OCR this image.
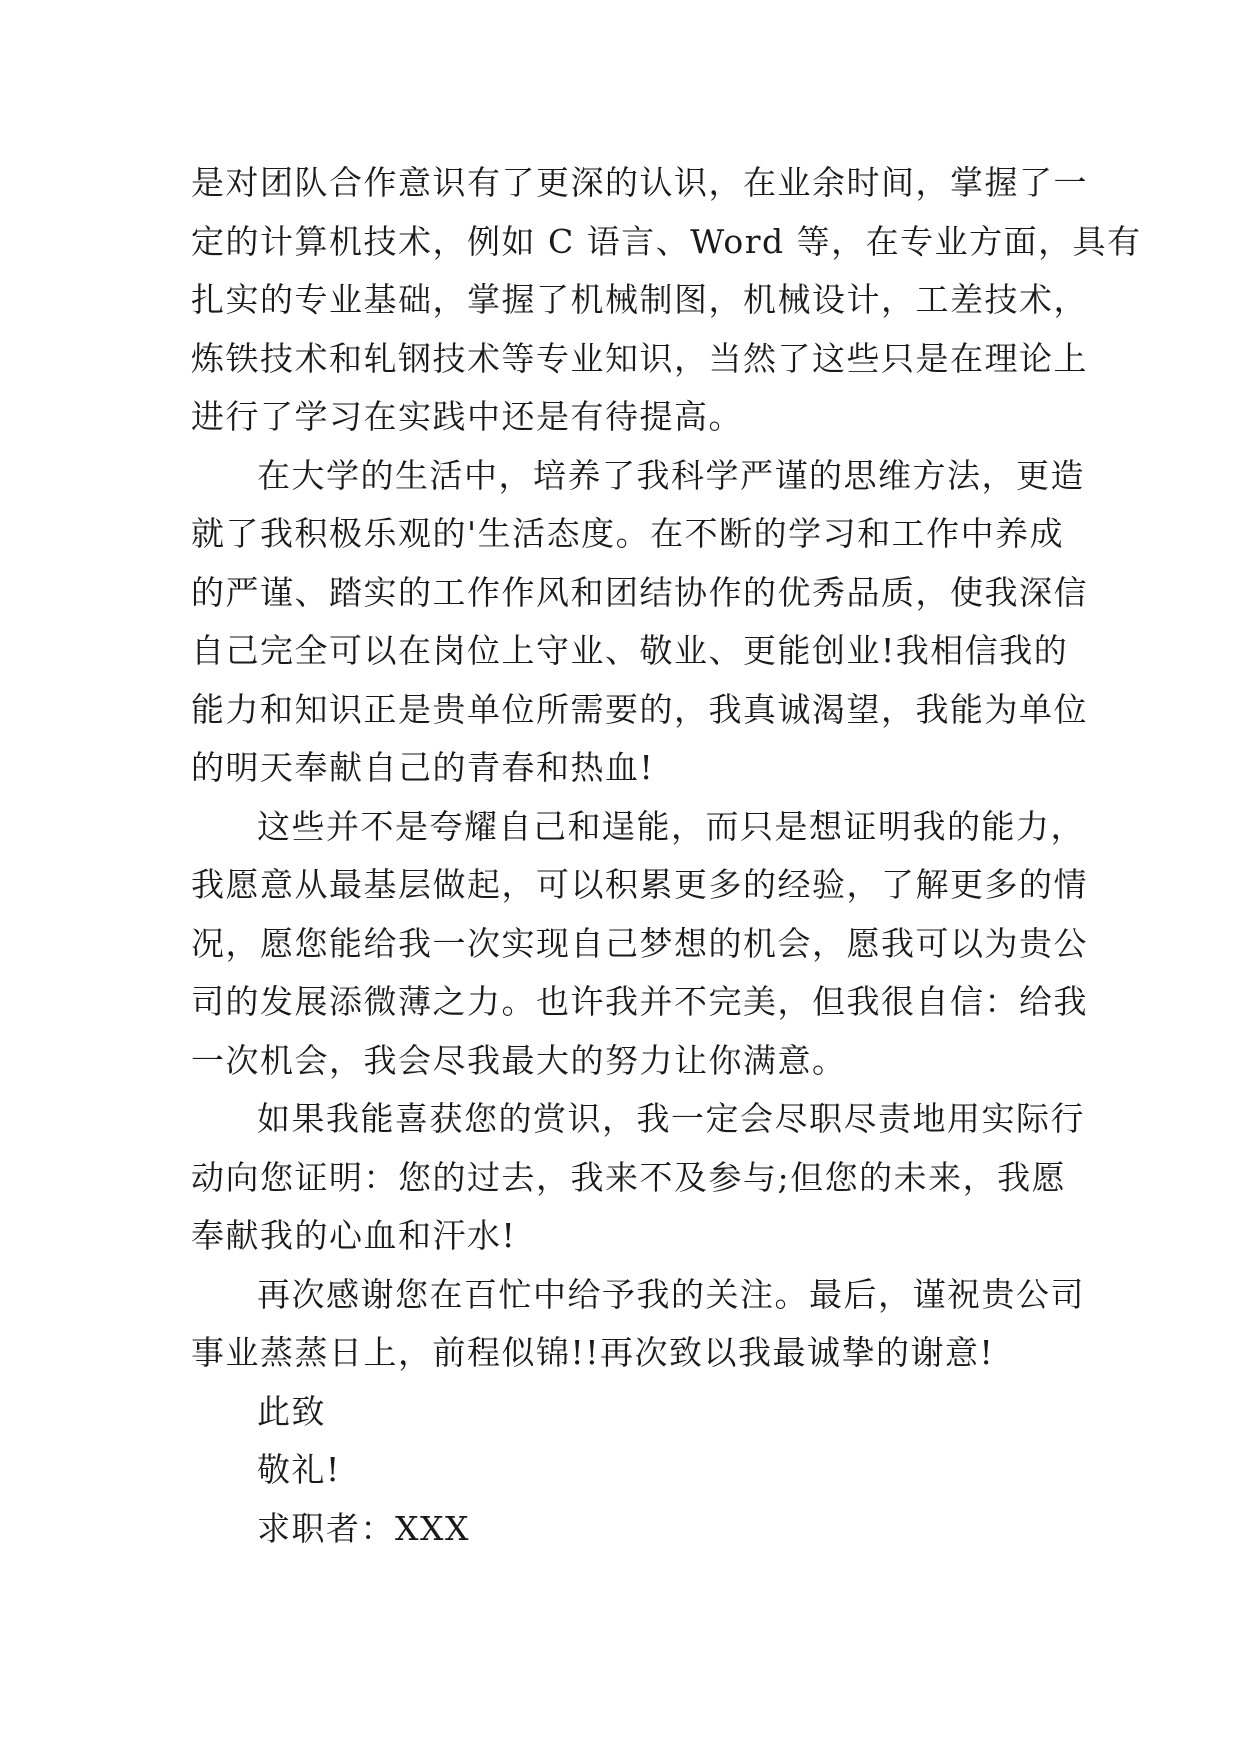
是对团队合作意识有了更深的认识，在业余时间，掌握了一
定的计算机技术，例如 C 语言、Word 等，在专业方面，具有
扎实的专业基础，掌握了机械制图，机械设计，工差技术，
炼铁技术和轧钢技术等专业知识，当然了这些只是在理论上
进行了学习在实践中还是有待提高。
在大学的生活中，培养了我科学严谨的思维方法，更造
就了我积极乐观的'生活态度。在不断的学习和工作中养成
的严谨、踏实的工作作风和团结协作的优秀品质，使我深信
自己完全可以在岗位上守业、敬业、更能创业!我相信我的
能力和知识正是贵单位所需要的，我真诚渴望，我能为单位
的明天奉献自己的青春和热血!
这些并不是夸耀自己和逞能，而只是想证明我的能力，
我愿意从最基层做起，可以积累更多的经验，了解更多的情
况，愿您能给我一次实现自己梦想的机会，愿我可以为贵公
司的发展添微薄之力。也许我并不完美，但我很自信：给我
一次机会，我会尽我最大的努力让你满意。
如果我能喜获您的赏识，我一定会尽职尽责地用实际行
动向您证明：您的过去，我来不及参与;但您的未来，我愿
奉献我的心血和汗水!
再次感谢您在百忙中给予我的关注。最后，谨祝贵公司
事业蒸蒸日上，前程似锦!!再次致以我最诚挚的谢意!
此致
敬礼!
求职者：XXX
